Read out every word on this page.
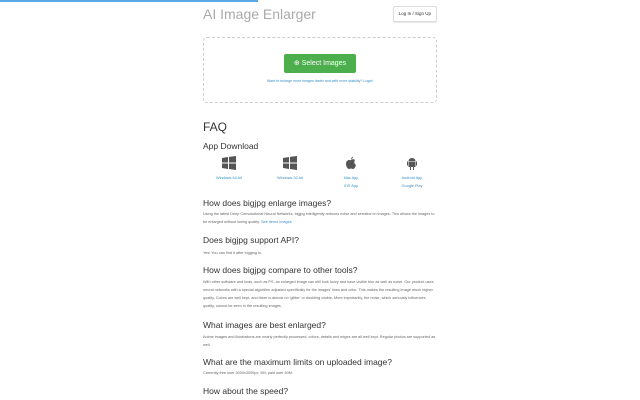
AI Image Enlarger	Log In / Sign Up
⊕ Select Images
Want to enlarge more images faster and with more stability? Login!
FAQ
App Download
Windows 64-bit	Windows 32-bit	Mac App
IOS App
Android App
Google Play
How does bigjpg enlarge images?
Using the latest Deep Convolutional Neural Networks, bigjpg intelligently reduces noise and serration in images. This allows the images to be enlarged without losing quality. See demo images.
Does bigjpg support API?
Yes! You can find it after logging in.
How does bigjpg compare to other tools?
With other software and tools, such as PS, an enlarged image can still look fuzzy and have visible blur as well as noise. Our product uses neural networks with a special algorithm adjusted specifically for the images' lines and color. This makes the resulting image much higher quality. Colors are well kept, and there is almost no 'glitter' or doubling visible. More importantly, the noise, which seriously influences quality, cannot be seen in the resulting images.
What images are best enlarged?
Anime images and illustrations are nearly perfectly processed, colors, details and edges are all well kept. Regular photos are supported as well.
What are the maximum limits on uploaded image?
Currently free user 3000x3000px, 5M; paid user 50M.
How about the speed?
